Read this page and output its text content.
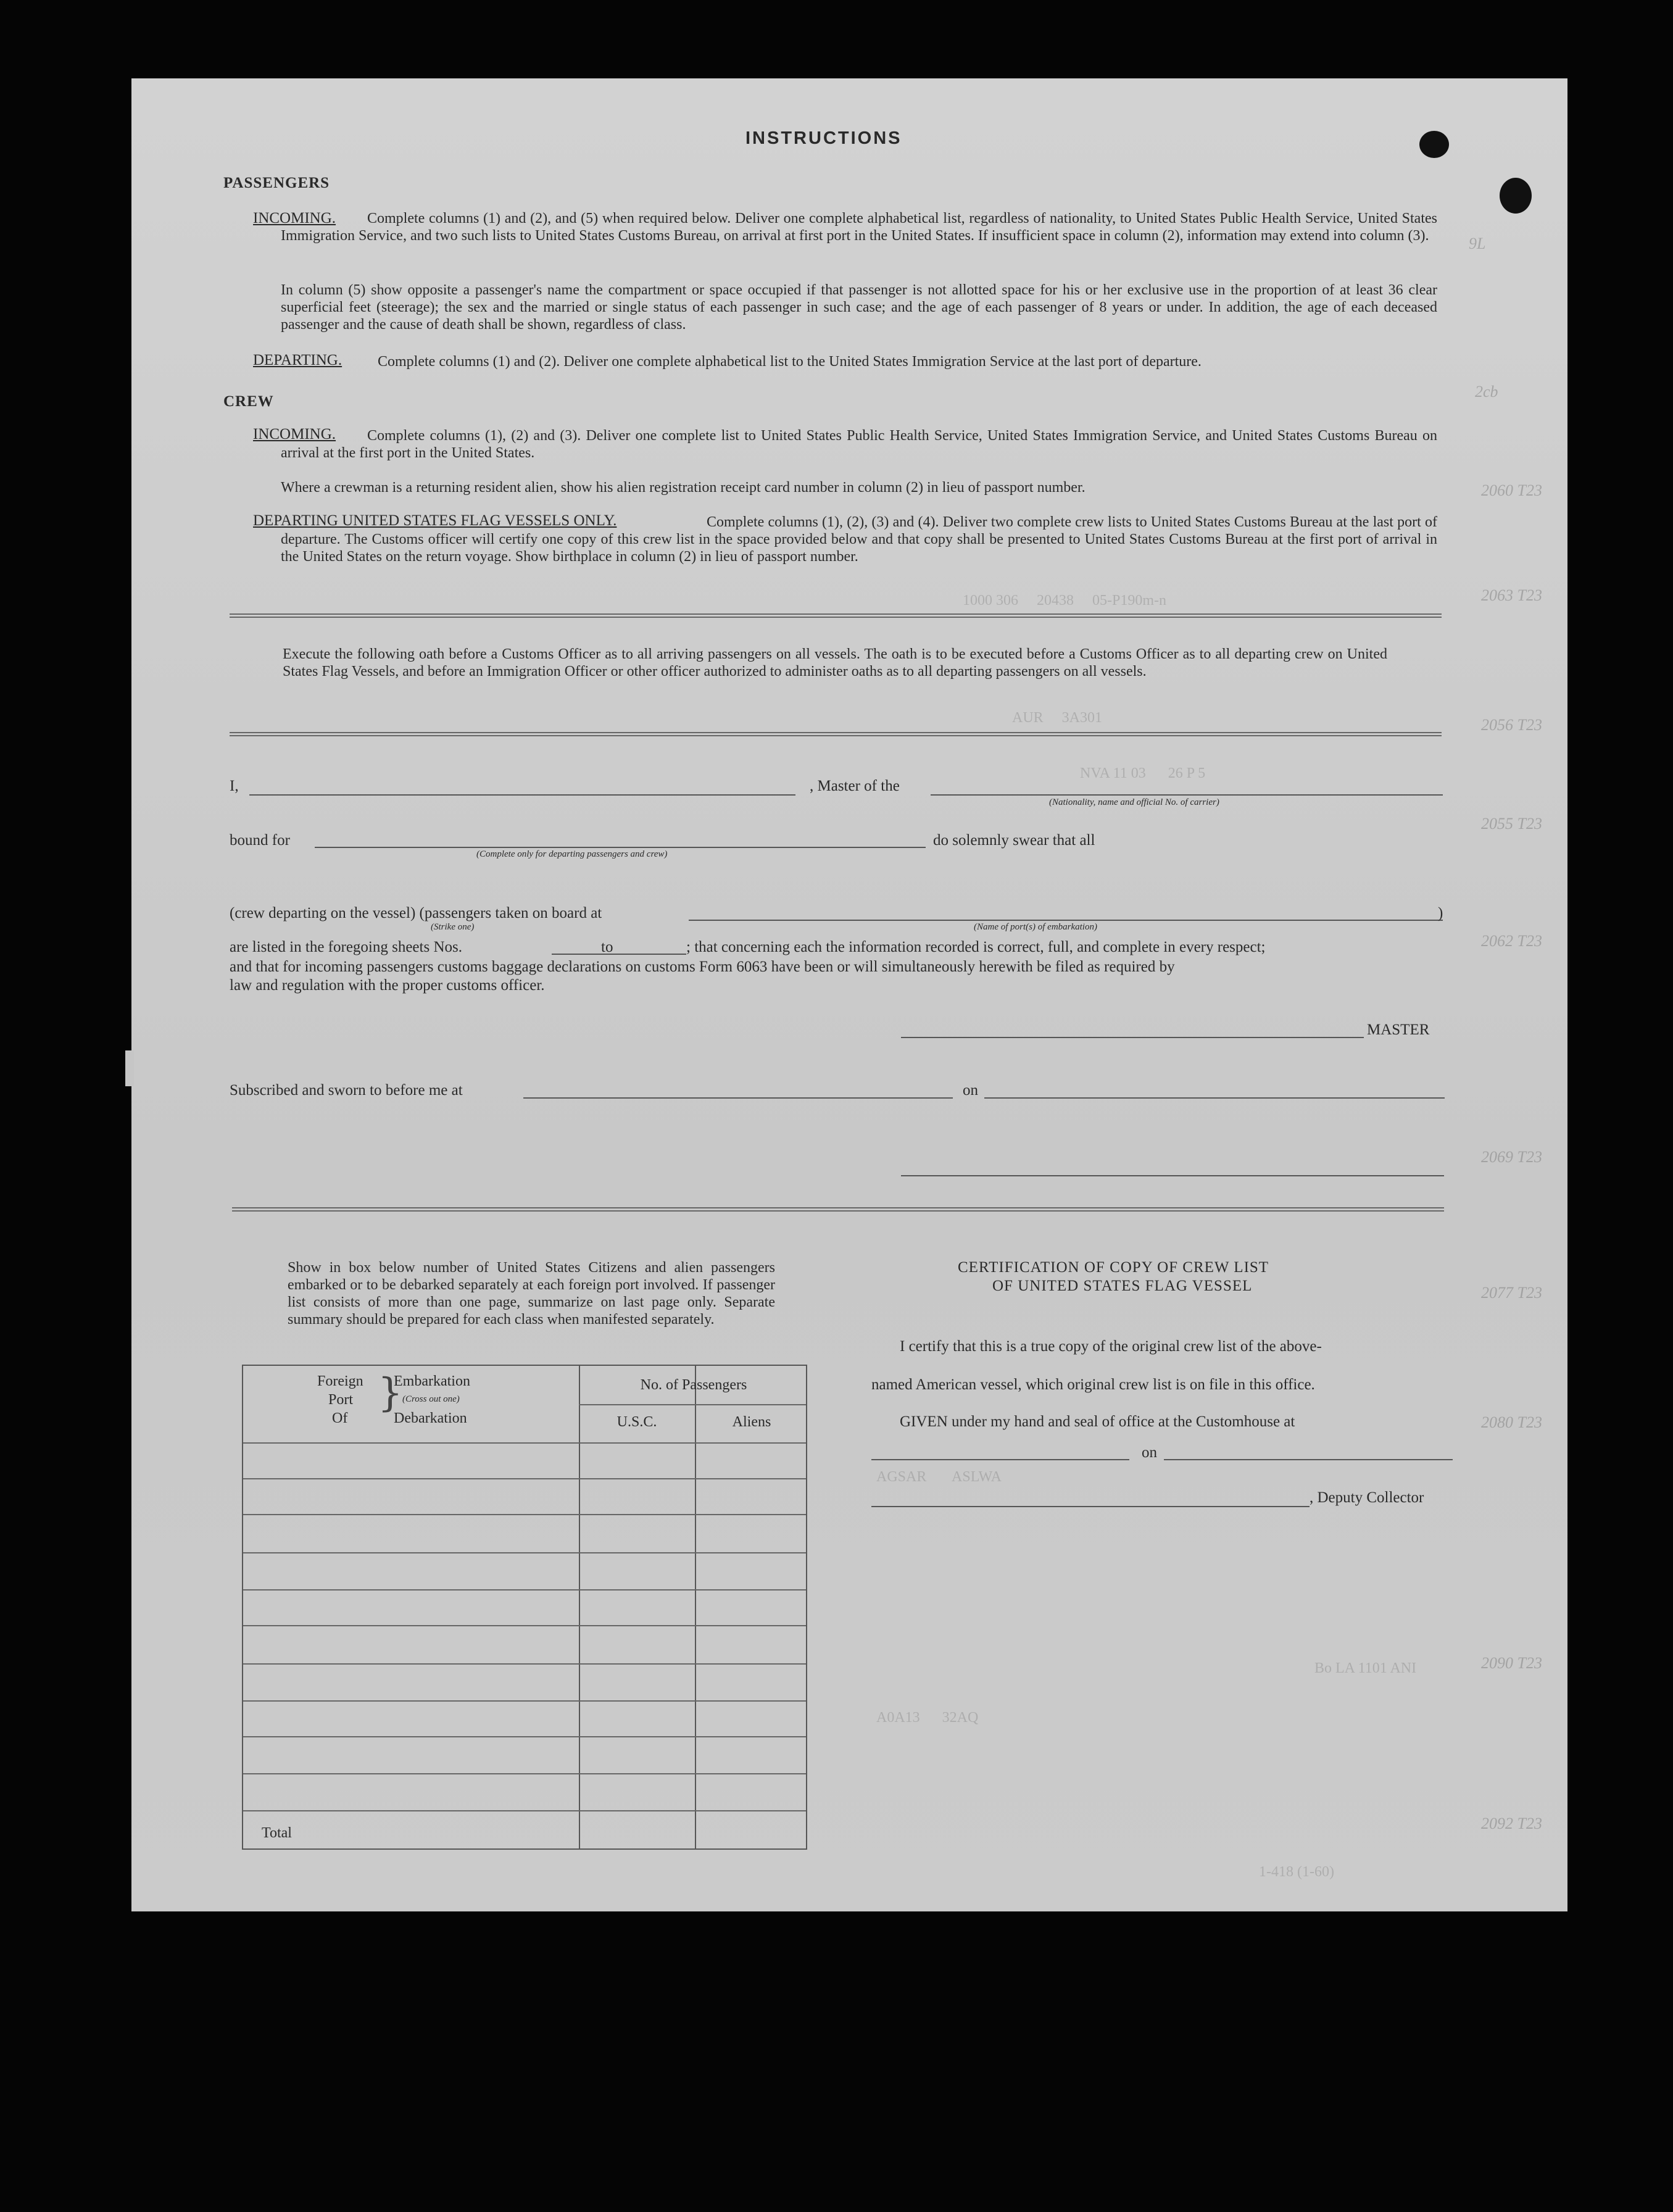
9L
2cb
2060 T23
2063 T23
2056 T23
2055 T23
2062 T23
2069 T23
2077 T23
2080 T23
2090 T23
2092 T23
1000 306     20438     05-P190m-n
AUR     3A301
NVA 11 03      26 P 5
AGSAR       ASLWA
A0A13      32AQ
Bo LA 1101 ANI
1-418 (1-60)
INSTRUCTIONS
PASSENGERS
INCOMING.	Complete columns (1) and (2), and (5) when required below. Deliver one complete alphabetical list, regardless of nationality, to United States Public Health Service, United States Immigration Service, and two such lists to United States Customs Bureau, on arrival at first port in the United States. If insufficient space in column (2), information may extend into column (3).
In column (5) show opposite a passenger's name the compartment or space occupied if that passenger is not allotted space for his or her exclusive use in the proportion of at least 36 clear superficial feet (steerage); the sex and the married or single status of each passenger in such case; and the age of each passenger of 8 years or under. In addition, the age of each deceased passenger and the cause of death shall be shown, regardless of class.
DEPARTING. Complete columns (1) and (2). Deliver one complete alphabetical list to the United States Immigration Service at the last port of departure.
CREW
INCOMING.	Complete columns (1), (2) and (3). Deliver one complete list to United States Public Health Service, United States Immigration Service, and United States Customs Bureau on arrival at the first port in the United States.
Where a crewman is a returning resident alien, show his alien registration receipt card number in column (2) in lieu of passport number.
DEPARTING UNITED STATES FLAG VESSELS ONLY.	Complete columns (1), (2), (3) and (4). Deliver two complete crew lists to United States Customs Bureau at the last port of departure. The Customs officer will certify one copy of this crew list in the space provided below and that copy shall be presented to United States Customs Bureau at the first port of arrival in the United States on the return voyage. Show birthplace in column (2) in lieu of passport number.
Execute the following oath before a Customs Officer as to all arriving passengers on all vessels. The oath is to be executed before a Customs Officer as to all departing crew on United States Flag Vessels, and before an Immigration Officer or other officer authorized to administer oaths as to all departing passengers on all vessels.
I,	, Master of the
(Nationality, name and official No. of carrier)
bound for
(Complete only for departing passengers and crew)
do solemnly swear that all
(crew departing on the vessel) (passengers taken on board at	)
(Strike one)	(Name of port(s) of embarkation)
are listed in the foregoing sheets Nos.	to	; that concerning each the information recorded is correct, full, and complete in every respect;
and that for incoming passengers customs baggage declarations on customs Form 6063 have been or will simultaneously herewith be filed as required by
law and regulation with the proper customs officer.
MASTER
Subscribed and sworn to before me at	on
Show in box below number of United States Citizens and alien passengers embarked or to be debarked separately at each foreign port involved. If passenger list consists of more than one page, summarize on last page only. Separate summary should be prepared for each class when manifested separately.
Foreign
Port
Of
}
Embarkation
(Cross out one)
Debarkation
No. of Passengers
U.S.C.	Aliens
Total
CERTIFICATION OF COPY OF CREW LIST
OF UNITED STATES FLAG VESSEL
I certify that this is a true copy of the original crew list of the above-
named American vessel, which original crew list is on file in this office.
GIVEN under my hand and seal of office at the Customhouse at
on
, Deputy Collector
